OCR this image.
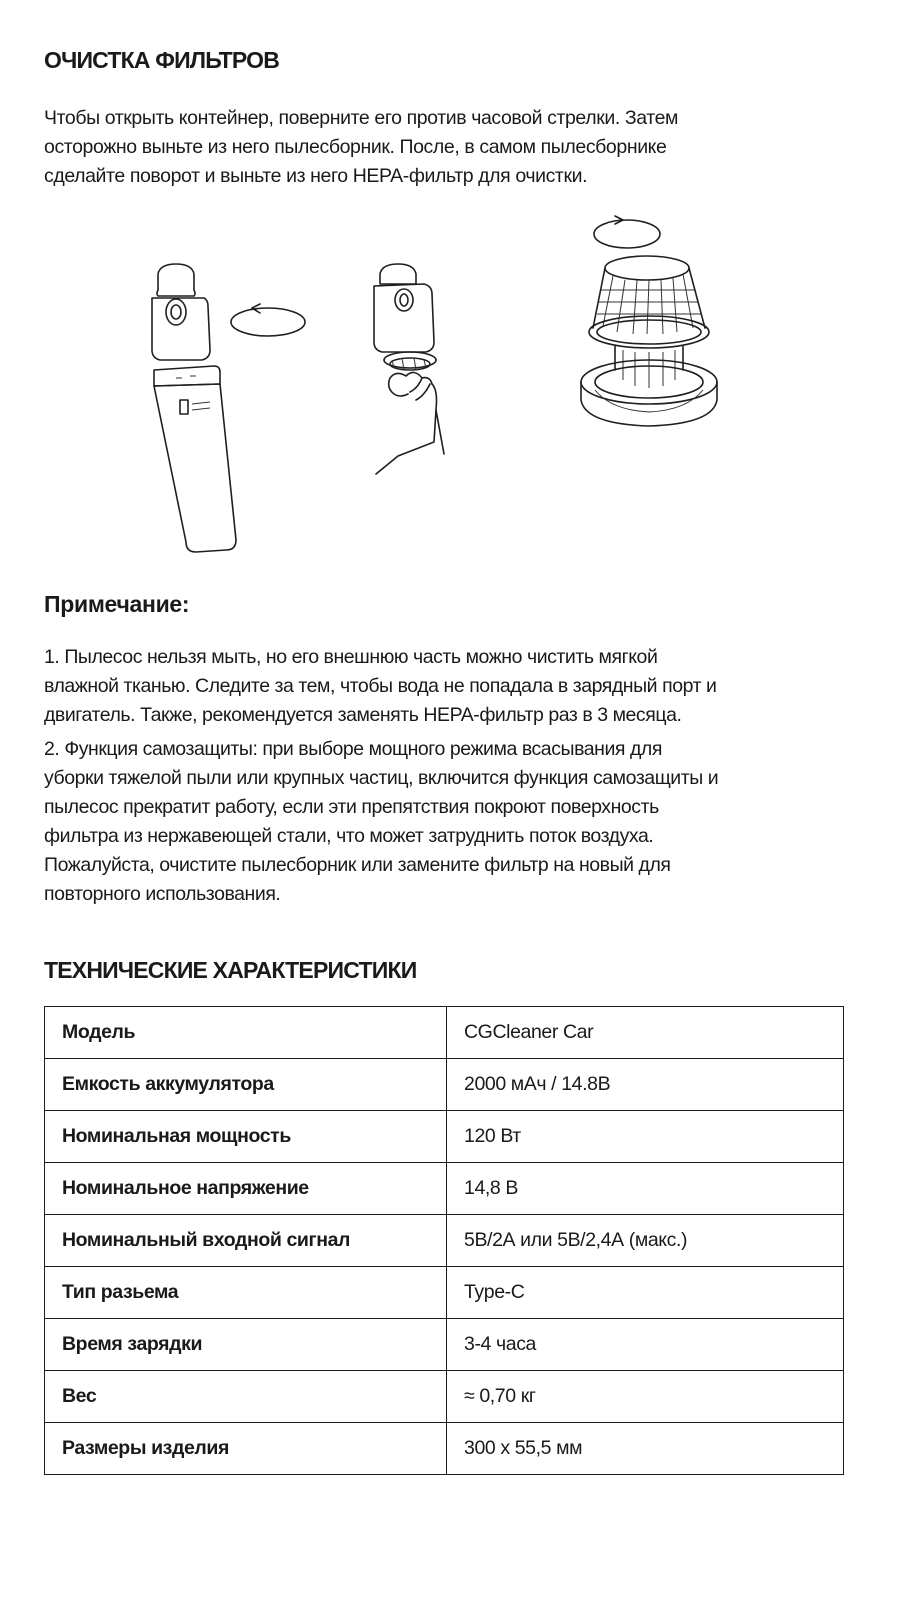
ОЧИСТКА ФИЛЬТРОВ

Чтобы открыть контейнер, поверните его против часовой стрелки. Затем
осторожно выньте из него пылесборник. После, в самом пылесборнике
сделайте поворот и выньте из него HEPA-фильтр для очистки.

Примечание:

1. Пылесос нельзя мыть, но его внешнюю часть можно чистить мягкой
влажной тканью. Следите за тем, чтобы вода не попадала в зарядный порт и
двигатель. Также, рекомендуется заменять HEPA-фильтр раз в 3 месяца.

2. Функция самозащиты: при выборе мощного режима всасывания для
уборки тяжелой пыли или крупных частиц, включится функция самозащиты и
пылесос прекратит работу, если эти препятствия покроют поверхность
фильтра из нержавеющей стали, что может затруднить поток воздуха.
Пожалуйста, очистите пылесборник или замените фильтр на новый для
повторного использования.

ТЕХНИЧЕСКИЕ ХАРАКТЕРИСТИКИ
Модель	CGCleaner Car
Емкость аккумулятора	2000 мАч / 14.8В
Номинальная мощность	120 Вт
Номинальное напряжение	14,8 В
Номинальный входной сигнал	5В/2А или 5В/2,4А (макс.)
Тип разьема	Type-C
Время зарядки	3-4 часа
Вес	≈ 0,70 кг
Размеры изделия	300 х 55,5 мм
